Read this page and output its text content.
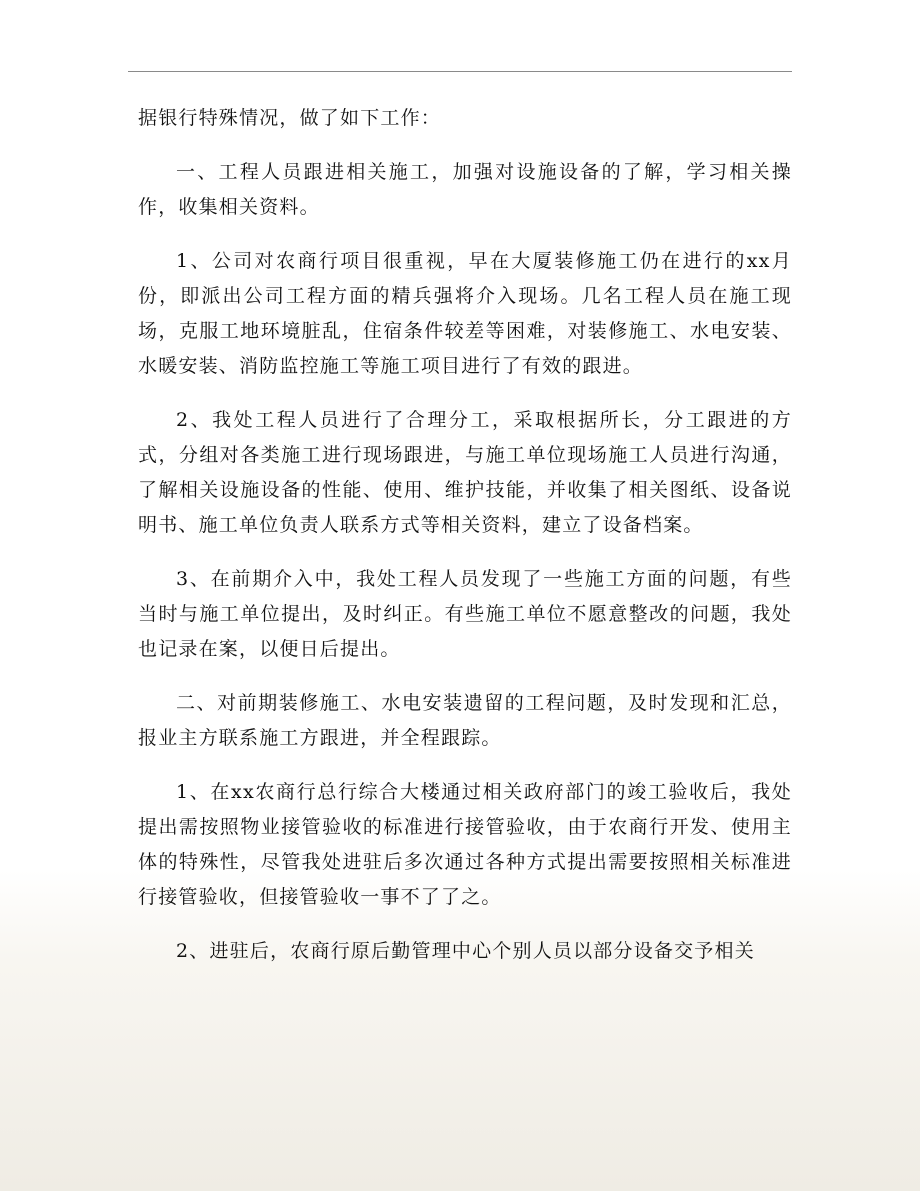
据银行特殊情况，做了如下工作：

一、工程人员跟进相关施工，加强对设施设备的了解，学习相关操作，收集相关资料。

1、公司对农商行项目很重视，早在大厦装修施工仍在进行的xx月份，即派出公司工程方面的精兵强将介入现场。几名工程人员在施工现场，克服工地环境脏乱，住宿条件较差等困难，对装修施工、水电安装、水暖安装、消防监控施工等施工项目进行了有效的跟进。

2、我处工程人员进行了合理分工，采取根据所长，分工跟进的方式，分组对各类施工进行现场跟进，与施工单位现场施工人员进行沟通，了解相关设施设备的性能、使用、维护技能，并收集了相关图纸、设备说明书、施工单位负责人联系方式等相关资料，建立了设备档案。

3、在前期介入中，我处工程人员发现了一些施工方面的问题，有些当时与施工单位提出，及时纠正。有些施工单位不愿意整改的问题，我处也记录在案，以便日后提出。

二、对前期装修施工、水电安装遗留的工程问题，及时发现和汇总，报业主方联系施工方跟进，并全程跟踪。

1、在xx农商行总行综合大楼通过相关政府部门的竣工验收后，我处提出需按照物业接管验收的标准进行接管验收，由于农商行开发、使用主体的特殊性，尽管我处进驻后多次通过各种方式提出需要按照相关标准进行接管验收，但接管验收一事不了了之。

2、进驻后，农商行原后勤管理中心个别人员以部分设备交予相关
